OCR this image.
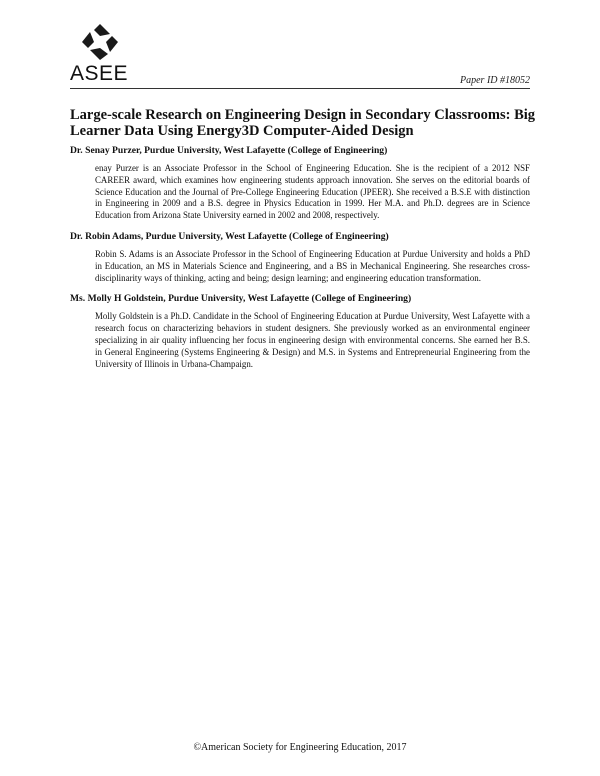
ASEE	Paper ID #18052
Large-scale Research on Engineering Design in Secondary Classrooms: Big Learner Data Using Energy3D Computer-Aided Design

Dr. Senay Purzer, Purdue University, West Lafayette (College of Engineering)

enay Purzer is an Associate Professor in the School of Engineering Education. She is the recipient of a 2012 NSF CAREER award, which examines how engineering students approach innovation. She serves on the editorial boards of Science Education and the Journal of Pre-College Engineering Education (JPEER). She received a B.S.E with distinction in Engineering in 2009 and a B.S. degree in Physics Education in 1999. Her M.A. and Ph.D. degrees are in Science Education from Arizona State University earned in 2002 and 2008, respectively.

Dr. Robin Adams, Purdue University, West Lafayette (College of Engineering)

Robin S. Adams is an Associate Professor in the School of Engineering Education at Purdue University and holds a PhD in Education, an MS in Materials Science and Engineering, and a BS in Mechanical Engineering. She researches cross-disciplinarity ways of thinking, acting and being; design learning; and engineering education transformation.

Ms. Molly H Goldstein, Purdue University, West Lafayette (College of Engineering)

Molly Goldstein is a Ph.D. Candidate in the School of Engineering Education at Purdue University, West Lafayette with a research focus on characterizing behaviors in student designers. She previously worked as an environmental engineer specializing in air quality influencing her focus in engineering design with environmental concerns. She earned her B.S. in General Engineering (Systems Engineering & Design) and M.S. in Systems and Entrepreneurial Engineering from the University of Illinois in Urbana-Champaign.

©American Society for Engineering Education, 2017
